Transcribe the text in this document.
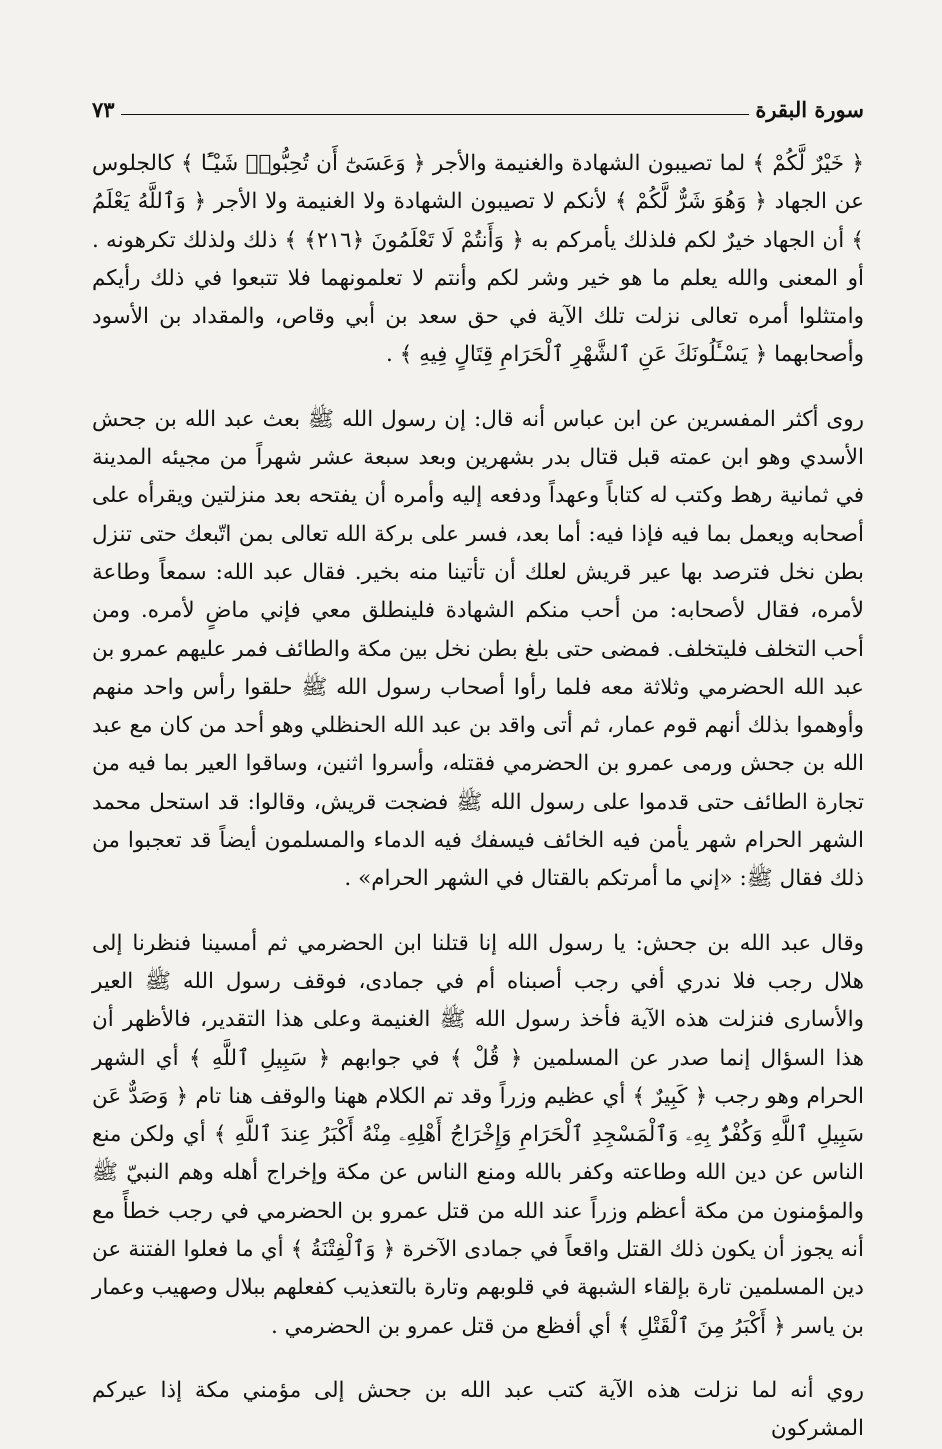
سورة البقرة
٧٣

﴿ خَيْرٌ لَّكُمْ ﴾ لما تصيبون الشهادة والغنيمة والأجر ﴿ وَعَسَىٰٓ أَن تُحِبُّوا۟ شَيْـًٔا ﴾ كالجلوس عن الجهاد ﴿ وَهُوَ شَرٌّ لَّكُمْ ﴾ لأنكم لا تصيبون الشهادة ولا الغنيمة ولا الأجر ﴿ وَٱللَّهُ يَعْلَمُ ﴾ أن الجهاد خيرٌ لكم فلذلك يأمركم به ﴿ وَأَنتُمْ لَا تَعْلَمُونَ ﴿٢١٦﴾ ﴾ ذلك ولذلك تكرهونه . أو المعنى والله يعلم ما هو خير وشر لكم وأنتم لا تعلمونهما فلا تتبعوا في ذلك رأيكم وامتثلوا أمره تعالى نزلت تلك الآية في حق سعد بن أبي وقاص، والمقداد بن الأسود وأصحابهما ﴿ يَسْـَٔلُونَكَ عَنِ ٱلشَّهْرِ ٱلْحَرَامِ قِتَالٍ فِيهِ ﴾ .

روى أكثر المفسرين عن ابن عباس أنه قال: إن رسول الله ﷺ بعث عبد الله بن جحش الأسدي وهو ابن عمته قبل قتال بدر بشهرين وبعد سبعة عشر شهراً من مجيئه المدينة في ثمانية رهط وكتب له كتاباً وعهداً ودفعه إليه وأمره أن يفتحه بعد منزلتين ويقرأه على أصحابه ويعمل بما فيه فإذا فيه: أما بعد، فسر على بركة الله تعالى بمن اتّبعك حتى تنزل بطن نخل فترصد بها عير قريش لعلك أن تأتينا منه بخير. فقال عبد الله: سمعاً وطاعة لأمره، فقال لأصحابه: من أحب منكم الشهادة فلينطلق معي فإني ماضٍ لأمره. ومن أحب التخلف فليتخلف. فمضى حتى بلغ بطن نخل بين مكة والطائف فمر عليهم عمرو بن عبد الله الحضرمي وثلاثة معه فلما رأوا أصحاب رسول الله ﷺ حلقوا رأس واحد منهم وأوهموا بذلك أنهم قوم عمار، ثم أتى واقد بن عبد الله الحنظلي وهو أحد من كان مع عبد الله بن جحش ورمى عمرو بن الحضرمي فقتله، وأسروا اثنين، وساقوا العير بما فيه من تجارة الطائف حتى قدموا على رسول الله ﷺ فضجت قريش، وقالوا: قد استحل محمد الشهر الحرام شهر يأمن فيه الخائف فيسفك فيه الدماء والمسلمون أيضاً قد تعجبوا من ذلك فقال ﷺ: «إني ما أمرتكم بالقتال في الشهر الحرام» .

وقال عبد الله بن جحش: يا رسول الله إنا قتلنا ابن الحضرمي ثم أمسينا فنظرنا إلى هلال رجب فلا ندري أفي رجب أصبناه أم في جمادى، فوقف رسول الله ﷺ العير والأسارى فنزلت هذه الآية فأخذ رسول الله ﷺ الغنيمة وعلى هذا التقدير، فالأظهر أن هذا السؤال إنما صدر عن المسلمين ﴿ قُلْ ﴾ في جوابهم ﴿ سَبِيلِ ٱللَّهِ ﴾ أي الشهر الحرام وهو رجب ﴿ كَبِيرٌ ﴾ أي عظيم وزراً وقد تم الكلام ههنا والوقف هنا تام ﴿ وَصَدٌّ عَن سَبِيلِ ٱللَّهِ وَكُفْرٌۢ بِهِۦ وَٱلْمَسْجِدِ ٱلْحَرَامِ وَإِخْرَاجُ أَهْلِهِۦ مِنْهُ أَكْبَرُ عِندَ ٱللَّهِ ﴾ أي ولكن منع الناس عن دين الله وطاعته وكفر بالله ومنع الناس عن مكة وإخراج أهله وهم النبيّ ﷺ والمؤمنون من مكة أعظم وزراً عند الله من قتل عمرو بن الحضرمي في رجب خطأً مع أنه يجوز أن يكون ذلك القتل واقعاً في جمادى الآخرة ﴿ وَٱلْفِتْنَةُ ﴾ أي ما فعلوا الفتنة عن دين المسلمين تارة بإلقاء الشبهة في قلوبهم وتارة بالتعذيب كفعلهم ببلال وصهيب وعمار بن ياسر ﴿ أَكْبَرُ مِنَ ٱلْقَتْلِ ﴾ أي أفظع من قتل عمرو بن الحضرمي .

روي أنه لما نزلت هذه الآية كتب عبد الله بن جحش إلى مؤمني مكة إذا عيركم المشركون
